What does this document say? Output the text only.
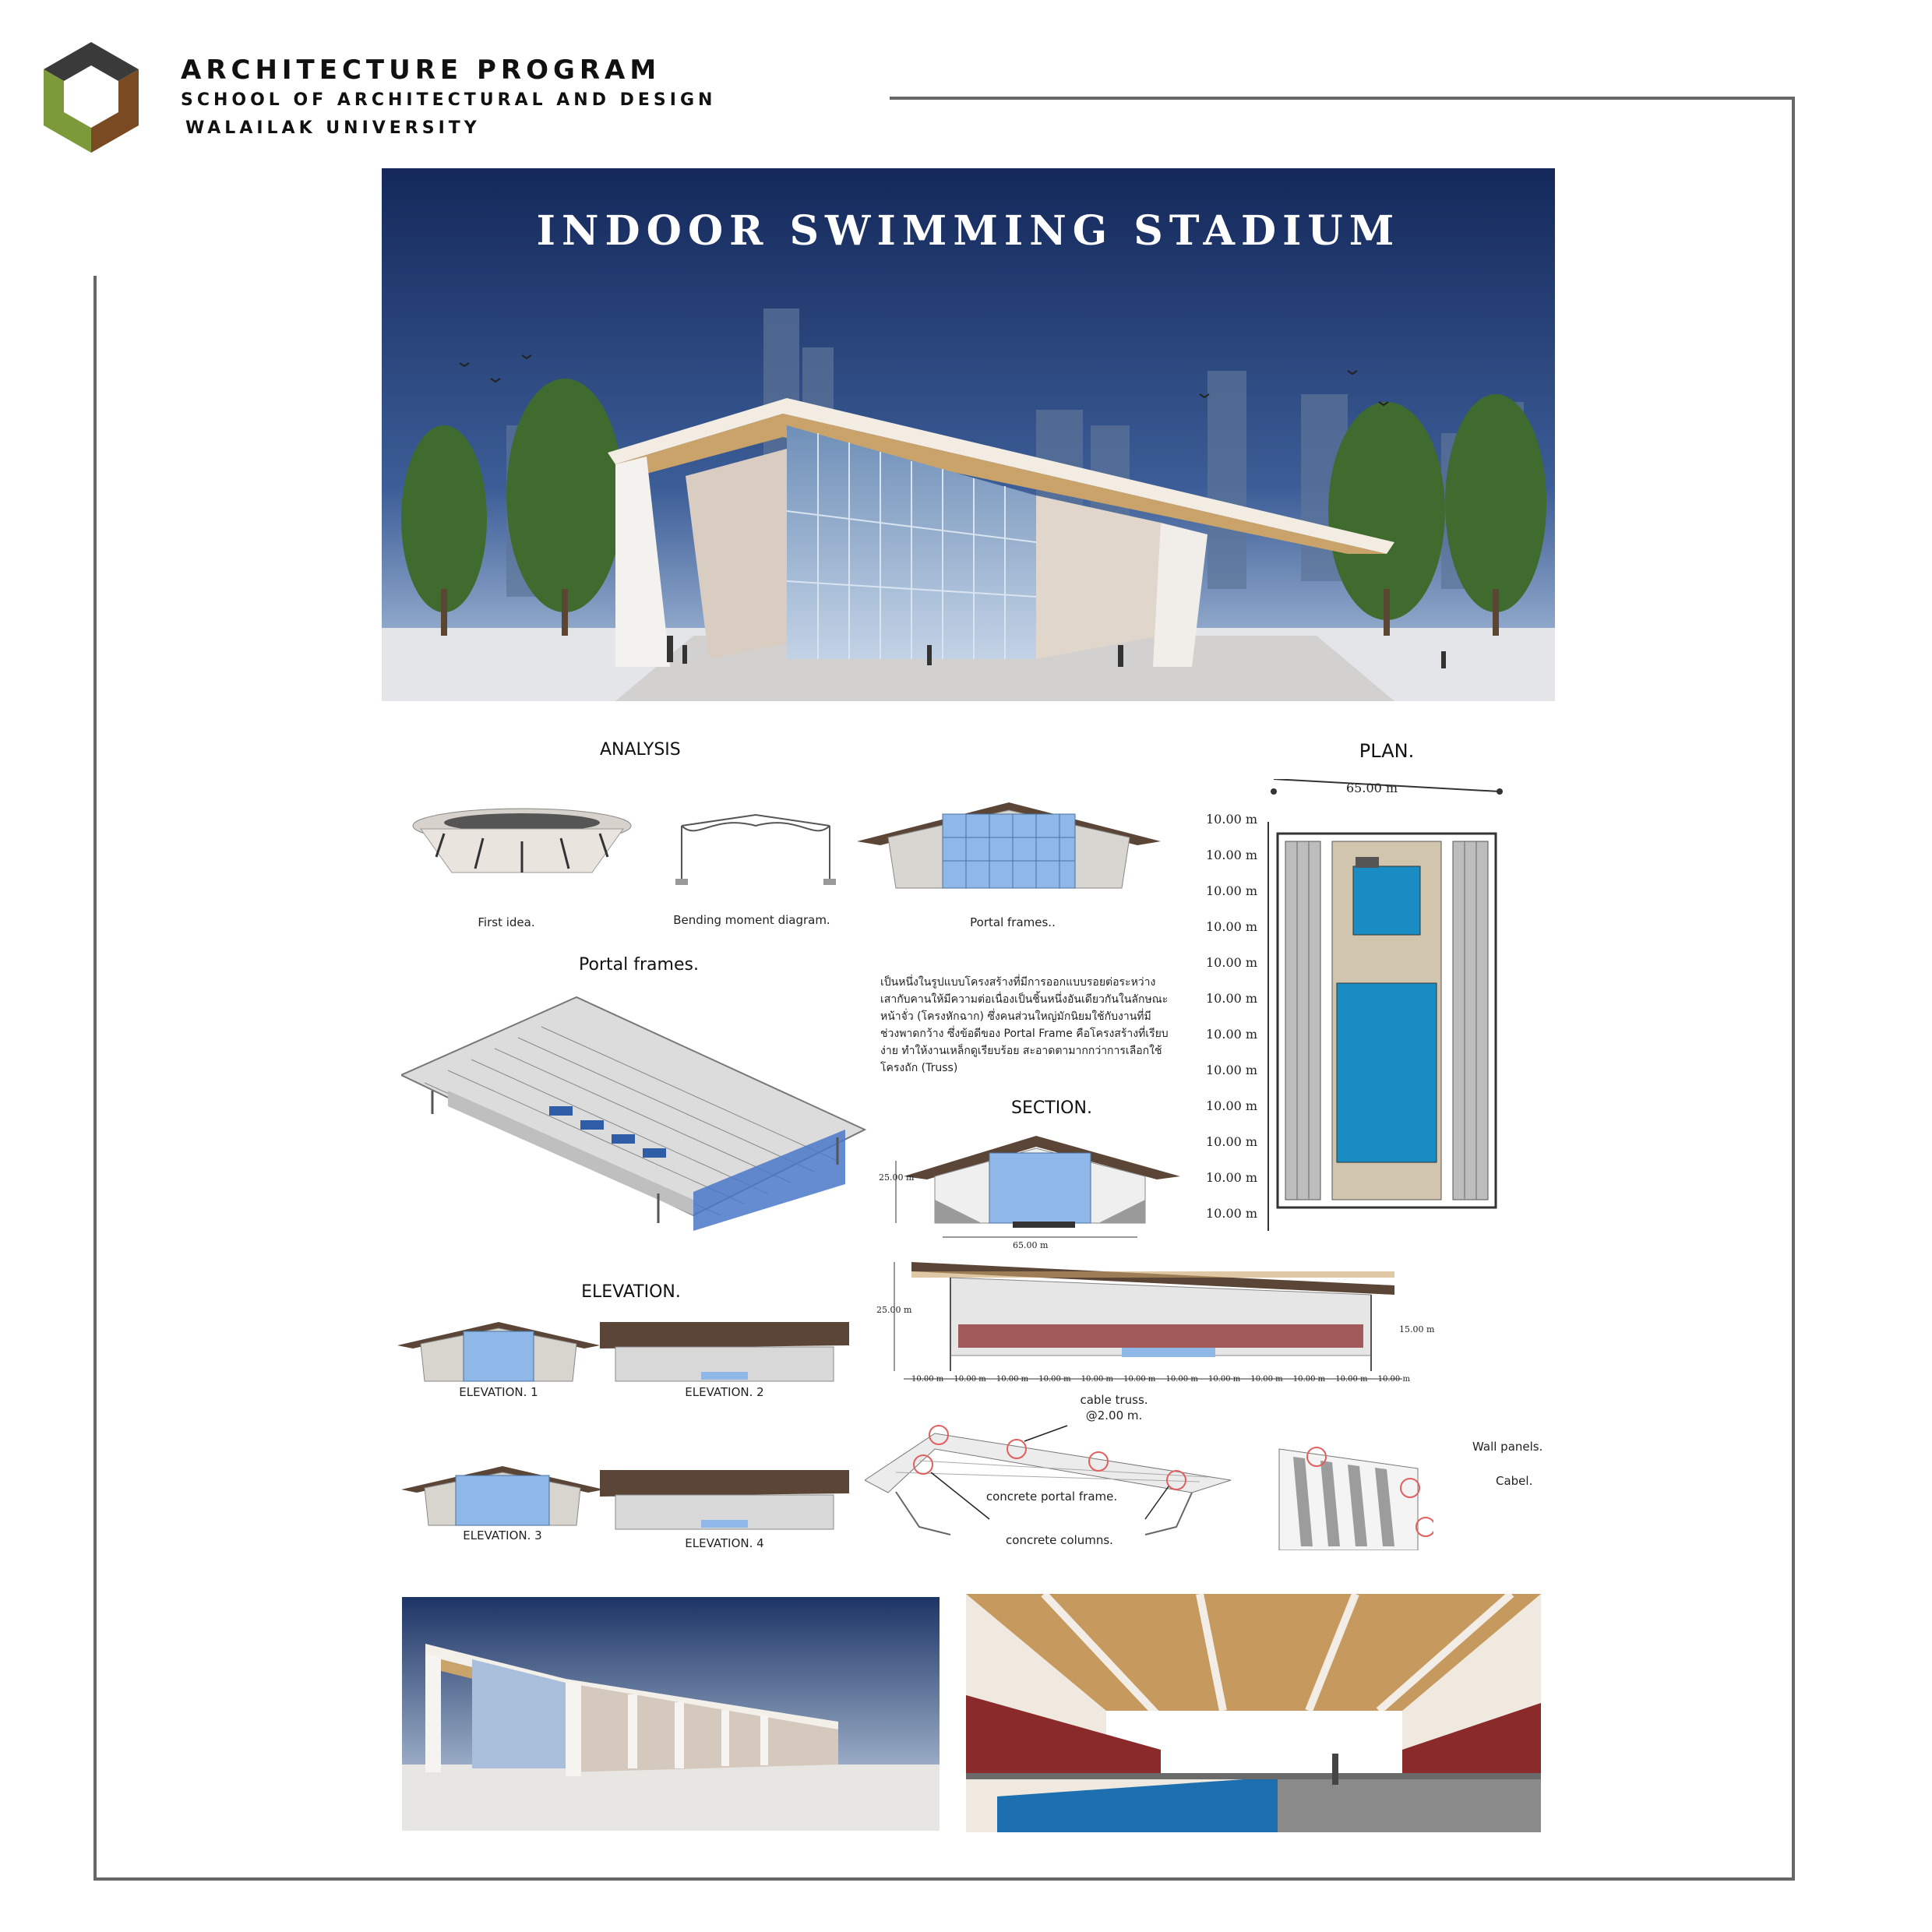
ARCHITECTURE PROGRAM
SCHOOL OF ARCHITECTURAL AND DESIGN
WALAILAK UNIVERSITY
INDOOR SWIMMING STADIUM
ANALYSIS
First idea.	Bending moment diagram.	Portal frames..
Portal frames.
เป็นหนึ่งในรูปแบบโครงสร้างที่มีการออกแบบรอยต่อระหว่างเสากับคานให้มีความต่อเนื่องเป็นชิ้นหนึ่งอันเดียวกันในลักษณะหน้าจั่ว (โครงหักฉาก) ซึ่งคนส่วนใหญ่มักนิยมใช้กับงานที่มีช่วงพาดกว้าง ซึ่งข้อดีของ Portal Frame คือโครงสร้างที่เรียบง่าย ทำให้งานเหล็กดูเรียบร้อย สะอาดตามากกว่าการเลือกใช้โครงถัก (Truss)
SECTION.
25.00 m
65.00 m
PLAN.
65.00 m
10.00 m
10.00 m
10.00 m
10.00 m
10.00 m
10.00 m
10.00 m
10.00 m
10.00 m
10.00 m
10.00 m
10.00 m
25.00 m
15.00 m
10.00 m 10.00 m 10.00 m 10.00 m 10.00 m 10.00 m 10.00 m 10.00 m 10.00 m 10.00 m 10.00 m 10.00 m
ELEVATION.
ELEVATION. 1	ELEVATION. 2
ELEVATION. 3
ELEVATION. 4
cable truss.
@2.00 m.
concrete portal frame.
concrete columns.
Wall panels.
Cabel.
